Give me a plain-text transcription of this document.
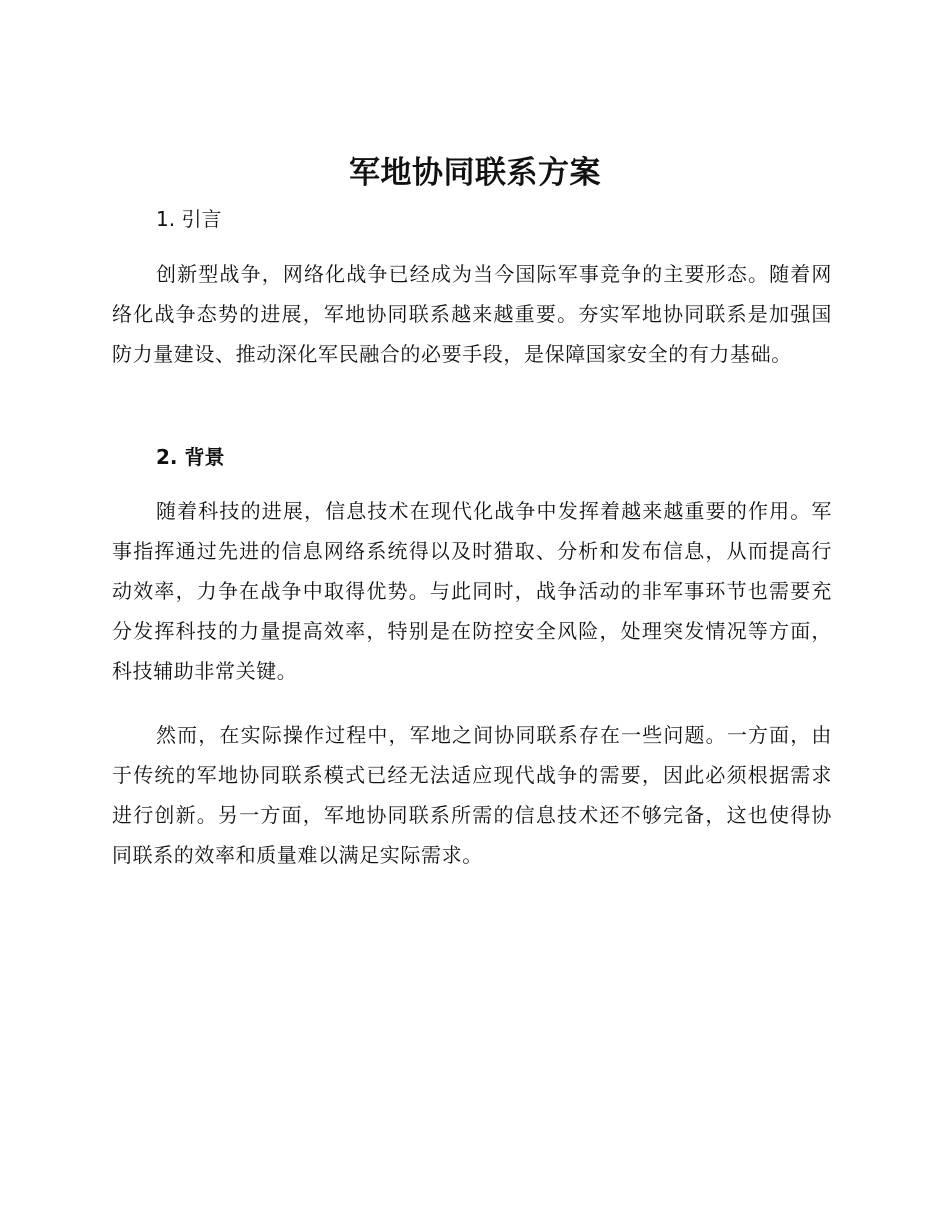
军地协同联系方案
1. 引言

创新型战争，网络化战争已经成为当今国际军事竞争的主要形态。随着网络化战争态势的进展，军地协同联系越来越重要。夯实军地协同联系是加强国防力量建设、推动深化军民融合的必要手段，是保障国家安全的有力基础。

2. 背景

随着科技的进展，信息技术在现代化战争中发挥着越来越重要的作用。军事指挥通过先进的信息网络系统得以及时猎取、分析和发布信息，从而提高行动效率，力争在战争中取得优势。与此同时，战争活动的非军事环节也需要充分发挥科技的力量提高效率，特别是在防控安全风险，处理突发情况等方面，科技辅助非常关键。

然而，在实际操作过程中，军地之间协同联系存在一些问题。一方面，由于传统的军地协同联系模式已经无法适应现代战争的需要，因此必须根据需求进行创新。另一方面，军地协同联系所需的信息技术还不够完备，这也使得协同联系的效率和质量难以满足实际需求。
